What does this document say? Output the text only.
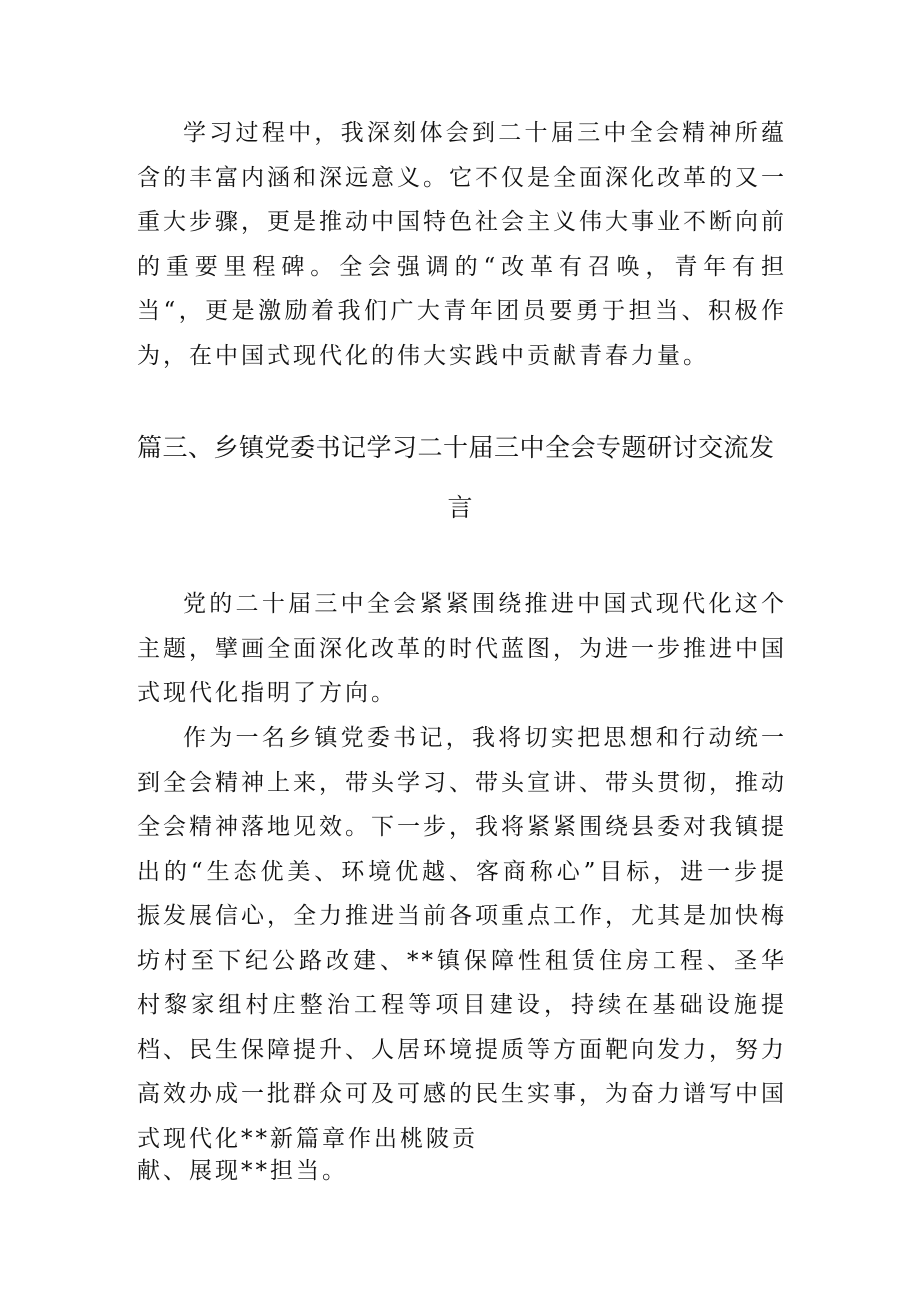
学习过程中，我深刻体会到二十届三中全会精神所蕴含的丰富内涵和深远意义。它不仅是全面深化改革的又一重大步骤，更是推动中国特色社会主义伟大事业不断向前的重要里程碑。全会强调的“改革有召唤，青年有担当“，更是激励着我们广大青年团员要勇于担当、积极作为，在中国式现代化的伟大实践中贡献青春力量。

篇三、乡镇党委书记学习二十届三中全会专题研讨交流发
言

党的二十届三中全会紧紧围绕推进中国式现代化这个主题，擘画全面深化改革的时代蓝图，为进一步推进中国式现代化指明了方向。

作为一名乡镇党委书记，我将切实把思想和行动统一到全会精神上来，带头学习、带头宣讲、带头贯彻，推动全会精神落地见效。下一步，我将紧紧围绕县委对我镇提出的“生态优美、环境优越、客商称心”目标，进一步提振发展信心，全力推进当前各项重点工作，尤其是加快梅坊村至下纪公路改建、**镇保障性租赁住房工程、圣华村黎家组村庄整治工程等项目建设，持续在基础设施提档、民生保障提升、人居环境提质等方面靶向发力，努力高效办成一批群众可及可感的民生实事，为奋力谱写中国式现代化**新篇章作出桃陂贡

献、展现**担当。
